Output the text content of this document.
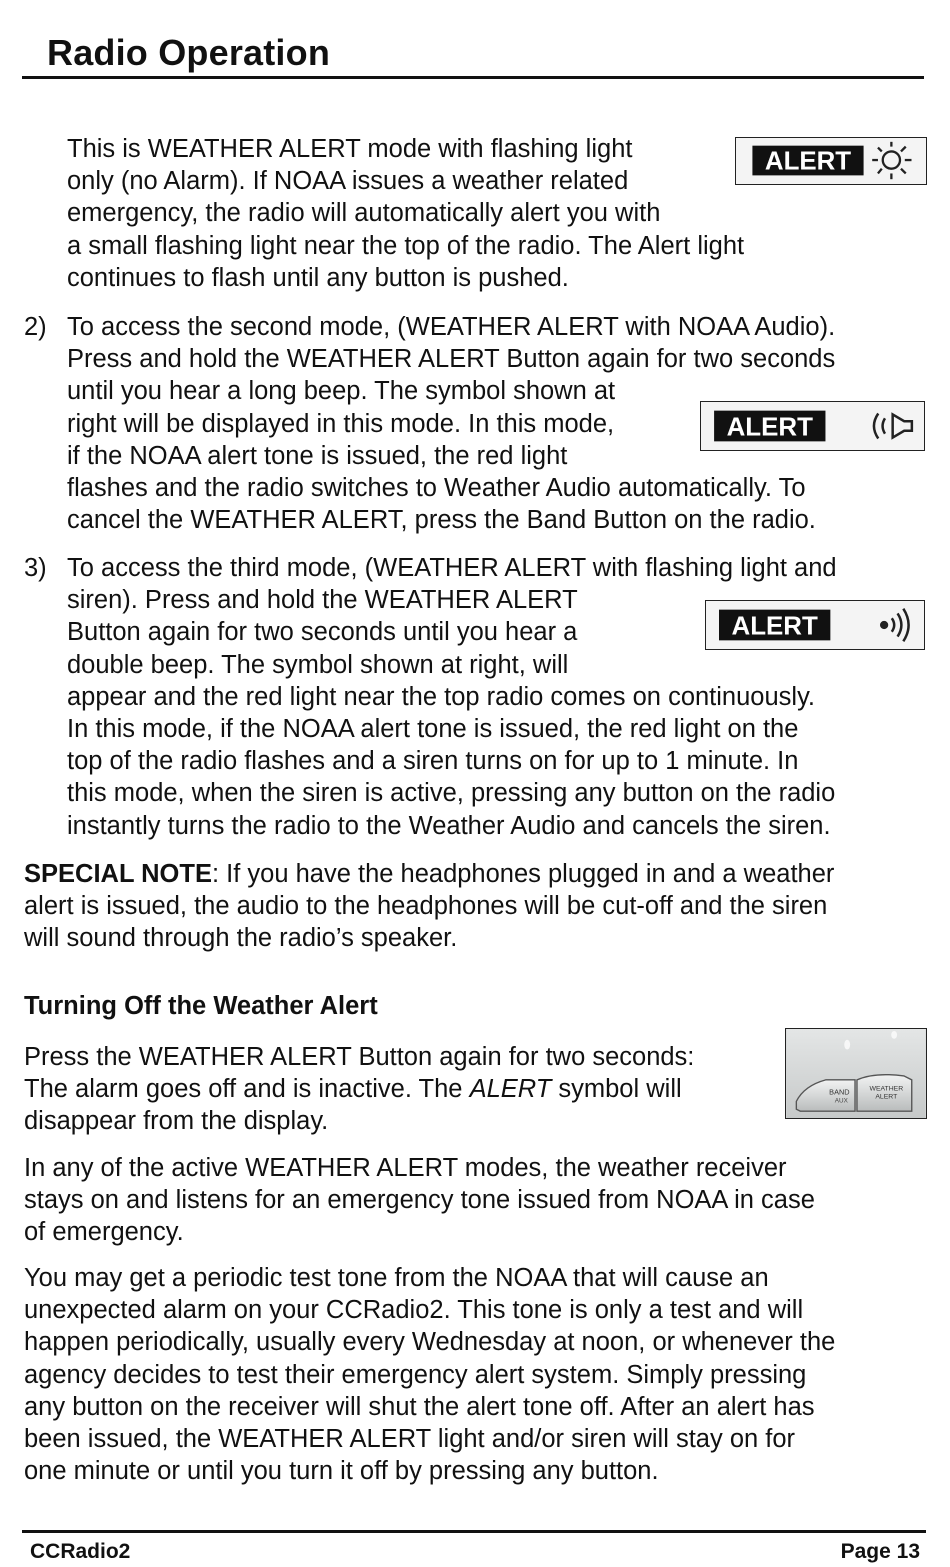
Radio Operation
This is WEATHER ALERT mode with flashing light
only (no Alarm). If NOAA issues a weather related
emergency, the radio will automatically alert you with
a small flashing light near the top of the radio. The Alert light
continues to flash until any button is pushed.
ALERT
2) To access the second mode, (WEATHER ALERT with NOAA Audio).
Press and hold the WEATHER ALERT Button again for two seconds
until you hear a long beep. The symbol shown at
right will be displayed in this mode. In this mode,
if the NOAA alert tone is issued, the red light
flashes and the radio switches to Weather Audio automatically. To
cancel the WEATHER ALERT, press the Band Button on the radio.
ALERT
3) To access the third mode, (WEATHER ALERT with flashing light and
siren). Press and hold the WEATHER ALERT
Button again for two seconds until you hear a
double beep. The symbol shown at right, will
appear and the red light near the top radio comes on continuously.
In this mode, if the NOAA alert tone is issued, the red light on the
top of the radio flashes and a siren turns on for up to 1 minute. In
this mode, when the siren is active, pressing any button on the radio
instantly turns the radio to the Weather Audio and cancels the siren.
ALERT
SPECIAL NOTE: If you have the headphones plugged in and a weather
alert is issued, the audio to the headphones will be cut-off and the siren
will sound through the radio’s speaker.
Turning Off the Weather Alert
Press the WEATHER ALERT Button again for two seconds:
The alarm goes off and is inactive. The ALERT symbol will
disappear from the display.
BAND
AUX
WEATHER
ALERT
In any of the active WEATHER ALERT modes, the weather receiver
stays on and listens for an emergency tone issued from NOAA in case
of emergency.
You may get a periodic test tone from the NOAA that will cause an
unexpected alarm on your CCRadio2. This tone is only a test and will
happen periodically, usually every Wednesday at noon, or whenever the
agency decides to test their emergency alert system. Simply pressing
any button on the receiver will shut the alert tone off. After an alert has
been issued, the WEATHER ALERT light and/or siren will stay on for
one minute or until you turn it off by pressing any button.
CCRadio2	Page 13
